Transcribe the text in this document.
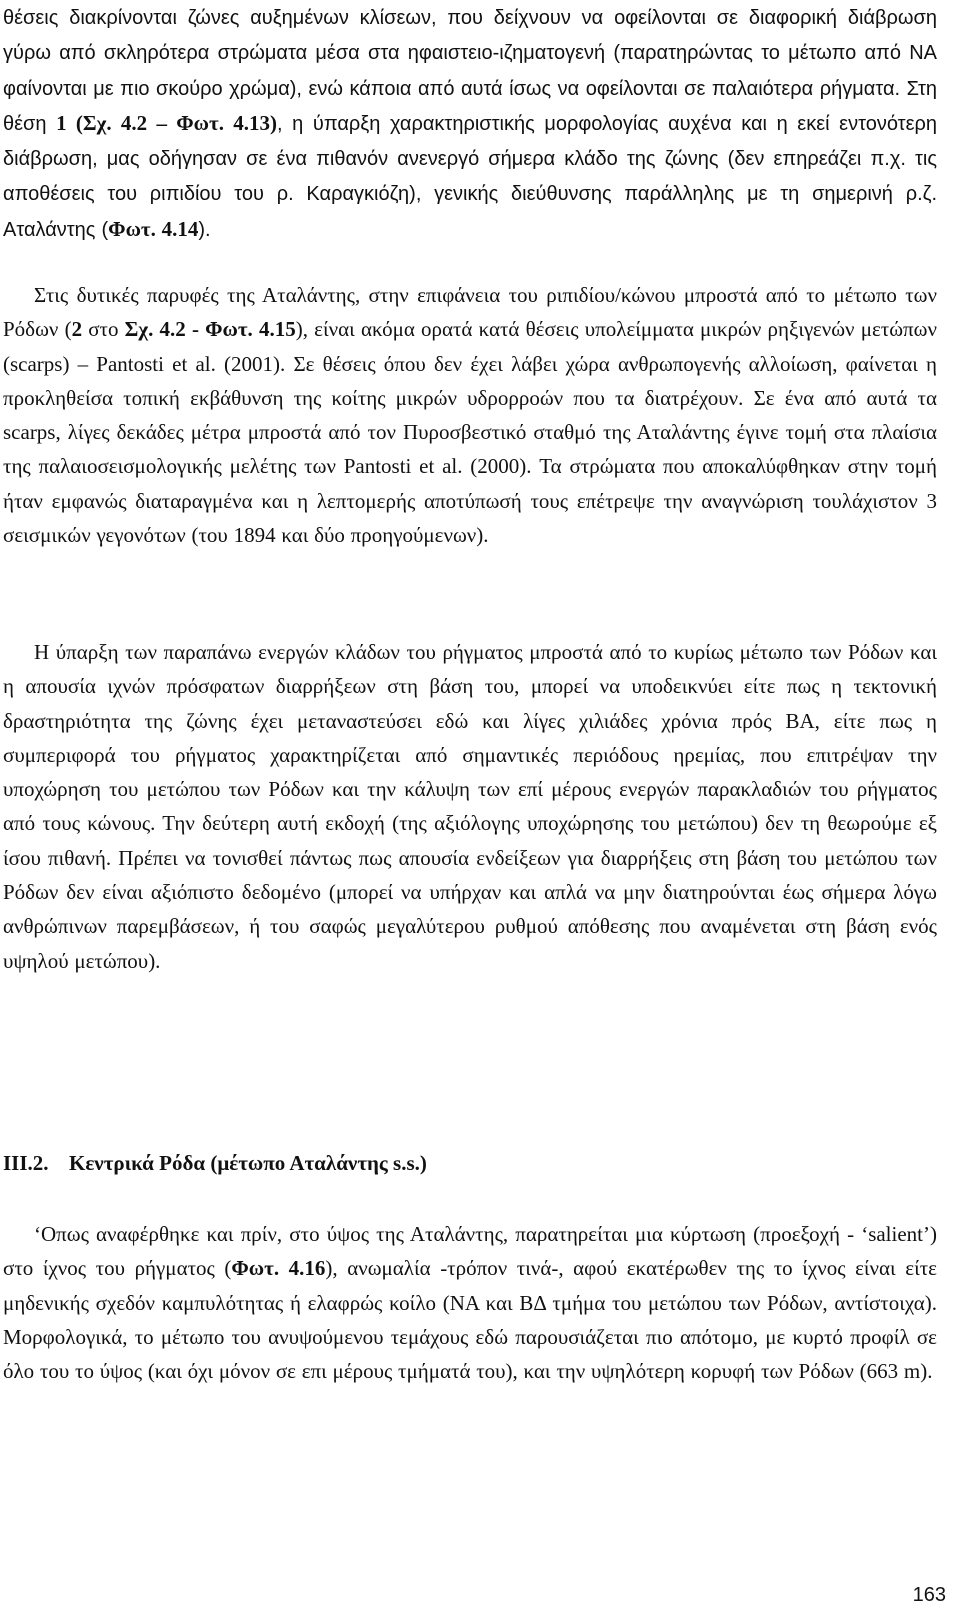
θέσεις διακρίνονται ζώνες αυξημένων κλίσεων, που δείχνουν να οφείλονται σε διαφορική διάβρωση γύρω από σκληρότερα στρώματα μέσα στα ηφαιστειο-ιζηματογενή (παρατηρώντας το μέτωπο από ΝΑ φαίνονται με πιο σκούρο χρώμα), ενώ κάποια από αυτά ίσως να οφείλονται σε παλαιότερα ρήγματα. Στη θέση 1 (Σχ. 4.2 – Φωτ. 4.13), η ύπαρξη χαρακτηριστικής μορφολογίας αυχένα και η εκεί εντονότερη διάβρωση, μας οδήγησαν σε ένα πιθανόν ανενεργό σήμερα κλάδο της ζώνης (δεν επηρεάζει π.χ. τις αποθέσεις του ριπιδίου του ρ. Καραγκιόζη), γενικής διεύθυνσης παράλληλης με τη σημερινή ρ.ζ. Αταλάντης (Φωτ. 4.14).

Στις δυτικές παρυφές της Αταλάντης, στην επιφάνεια του ριπιδίου/κώνου μπροστά από το μέτωπο των Ρόδων (2 στο Σχ. 4.2 - Φωτ. 4.15), είναι ακόμα ορατά κατά θέσεις υπολείμματα μικρών ρηξιγενών μετώπων (scarps) – Pantosti et al. (2001). Σε θέσεις όπου δεν έχει λάβει χώρα ανθρωπογενής αλλοίωση, φαίνεται η προκληθείσα τοπική εκβάθυνση της κοίτης μικρών υδρορροών που τα διατρέχουν. Σε ένα από αυτά τα scarps, λίγες δεκάδες μέτρα μπροστά από τον Πυροσβεστικό σταθμό της Αταλάντης έγινε τομή στα πλαίσια της παλαιοσεισμολογικής μελέτης των Pantosti et al. (2000). Τα στρώματα που αποκαλύφθηκαν στην τομή ήταν εμφανώς διαταραγμένα και η λεπτομερής αποτύπωσή τους επέτρεψε την αναγνώριση τουλάχιστον 3 σεισμικών γεγονότων (του 1894 και δύο προηγούμενων).

Η ύπαρξη των παραπάνω ενεργών κλάδων του ρήγματος μπροστά από το κυρίως μέτωπο των Ρόδων και η απουσία ιχνών πρόσφατων διαρρήξεων στη βάση του, μπορεί να υποδεικνύει είτε πως η τεκτονική δραστηριότητα της ζώνης έχει μεταναστεύσει εδώ και λίγες χιλιάδες χρόνια πρός ΒΑ, είτε πως η συμπεριφορά του ρήγματος χαρακτηρίζεται από σημαντικές περιόδους ηρεμίας, που επιτρέψαν την υποχώρηση του μετώπου των Ρόδων και την κάλυψη των επί μέρους ενεργών παρακλαδιών του ρήγματος από τους κώνους. Την δεύτερη αυτή εκδοχή (της αξιόλογης υποχώρησης του μετώπου) δεν τη θεωρούμε εξ ίσου πιθανή. Πρέπει να τονισθεί πάντως πως απουσία ενδείξεων για διαρρήξεις στη βάση του μετώπου των Ρόδων δεν είναι αξιόπιστο δεδομένο (μπορεί να υπήρχαν και απλά να μην διατηρούνται έως σήμερα λόγω ανθρώπινων παρεμβάσεων, ή του σαφώς μεγαλύτερου ρυθμού απόθεσης που αναμένεται στη βάση ενός υψηλού μετώπου).

III.2. Κεντρικά Ρόδα (μέτωπο Αταλάντης s.s.)

‘Οπως αναφέρθηκε και πρίν, στο ύψος της Αταλάντης, παρατηρείται μια κύρτωση (προεξοχή - ‘salient’) στο ίχνος του ρήγματος (Φωτ. 4.16), ανωμαλία -τρόπον τινά-, αφού εκατέρωθεν της το ίχνος είναι είτε μηδενικής σχεδόν καμπυλότητας ή ελαφρώς κοίλο (ΝΑ και ΒΔ τμήμα του μετώπου των Ρόδων, αντίστοιχα). Μορφολογικά, το μέτωπο του ανυψούμενου τεμάχους εδώ παρουσιάζεται πιο απότομο, με κυρτό προφίλ σε όλο του το ύψος (και όχι μόνον σε επι μέρους τμήματά του), και την υψηλότερη κορυφή των Ρόδων (663 m).

163
